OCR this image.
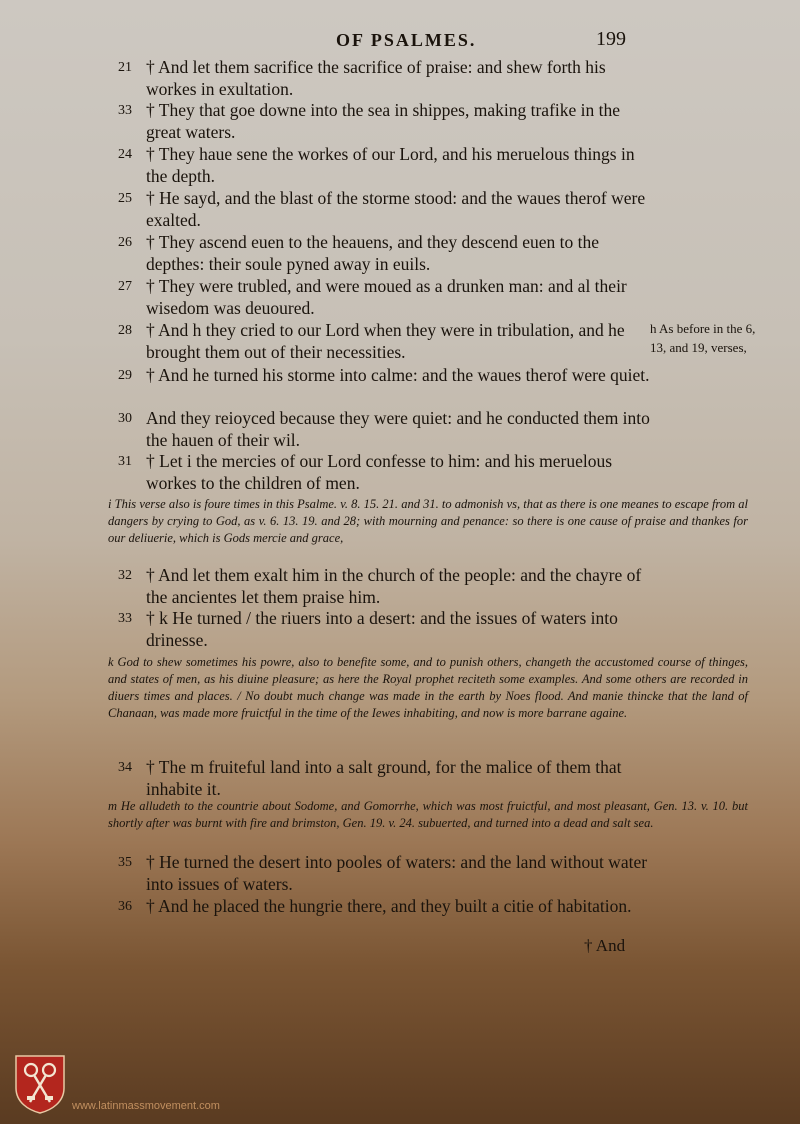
OF PSALMES.	199
21 † And let them sacrifice the sacrifice of praise: and shew forth his workes in exultation.
33 † They that goe downe into the sea in shippes, making trafike in the great waters.
24 † They haue sene the workes of our Lord, and his meruelous things in the depth.
25 † He sayd, and the blast of the storme stood: and the waues therof were exalted.
26 † They ascend euen to the heauens, and they descend euen to the depthes: their soule pyned away in euils.
27 † They were trubled, and were moued as a drunken man: and al their wisedom was deuoured.
28 † And h they cried to our Lord when they were in tribulation, and he brought them out of their necessities.
h As before in the 6, 13, and 19, verses,
29 † And he turned his storme into calme: and the waues therof were quiet.
30 And they reioyced because they were quiet: and he conducted them into the hauen of their wil.
31 † Let i the mercies of our Lord confesse to him: and his meruelous workes to the children of men.
i This verse also is foure times in this Psalme. v. 8. 15. 21. and 31. to admonish vs, that as there is one meanes to escape from al dangers by crying to God, as v. 6. 13. 19. and 28; with mourning and penance: so there is one cause of praise and thankes for our deliuerie, which is Gods mercie and grace,
32 † And let them exalt him in the church of the people: and the chayre of the ancientes let them praise him.
33 † k He turned / the riuers into a desert: and the issues of waters into drinesse.
k God to shew sometimes his powre, also to benefite some, and to punish others, changeth the accustomed course of thinges, and states of men, as his diuine pleasure; as here the Royal prophet reciteth some examples. And some others are recorded in diuers times and places. / No doubt much change was made in the earth by Noes flood. And manie thincke that the land of Chanaan, was made more fruictful in the time of the Iewes inhabiting, and now is more barrane againe.
34 † The m fruiteful land into a salt ground, for the malice of them that inhabite it.
m He alludeth to the countrie about Sodome, and Gomorrhe, which was most fruictful, and most pleasant, Gen. 13. v. 10. but shortly after was burnt with fire and brimston, Gen. 19. v. 24. subuerted, and turned into a dead and salt sea.
35 † He turned the desert into pooles of waters: and the land without water into issues of waters.
36 † And he placed the hungrie there, and they built a citie of habitation.
† And
www.latinmassmovement.com
